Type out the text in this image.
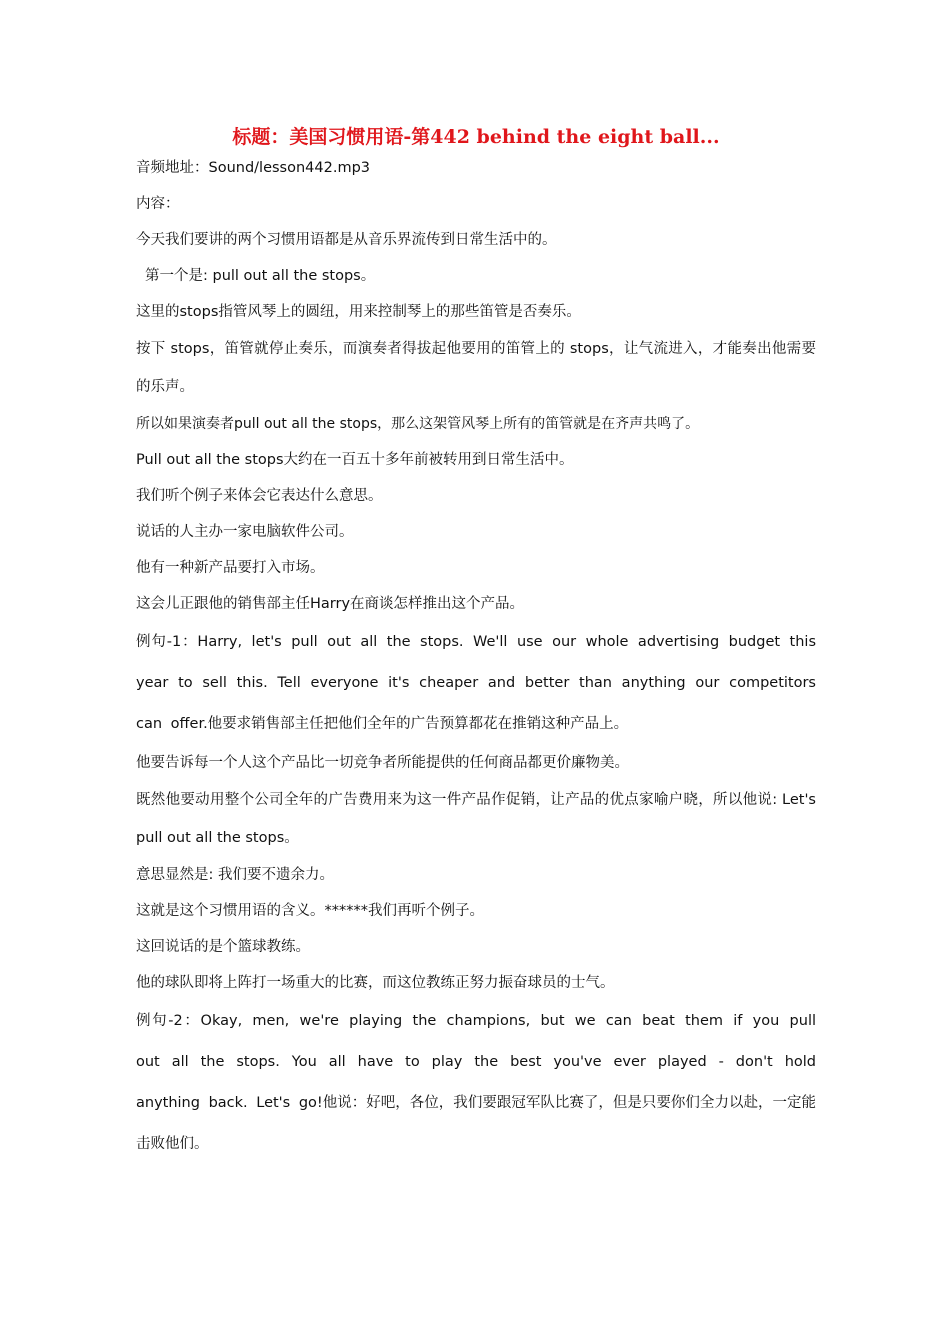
标题：美国习惯用语-第442 behind the eight ball...

音频地址：Sound/lesson442.mp3

内容：

今天我们要讲的两个习惯用语都是从音乐界流传到日常生活中的。

第一个是: pull out all the stops。

这里的stops指管风琴上的圆纽，用来控制琴上的那些笛管是否奏乐。

按下 stops，笛管就停止奏乐，而演奏者得拔起他要用的笛管上的 stops，让气流进入，才能奏出他需要的乐声。

所以如果演奏者pull out all the stops，那么这架管风琴上所有的笛管就是在齐声共鸣了。

Pull out all the stops大约在一百五十多年前被转用到日常生活中。

我们听个例子来体会它表达什么意思。

说话的人主办一家电脑软件公司。

他有一种新产品要打入市场。

这会儿正跟他的销售部主任Harry在商谈怎样推出这个产品。

例句-1：Harry, let's pull out all the stops. We'll use our whole advertising budget this year to sell this. Tell everyone it's cheaper and better than anything our competitors can offer.他要求销售部主任把他们全年的广告预算都花在推销这种产品上。

他要告诉每一个人这个产品比一切竞争者所能提供的任何商品都更价廉物美。

既然他要动用整个公司全年的广告费用来为这一件产品作促销，让产品的优点家喻户晓，所以他说: Let's pull out all the stops。

意思显然是: 我们要不遗余力。

这就是这个习惯用语的含义。******我们再听个例子。

这回说话的是个篮球教练。

他的球队即将上阵打一场重大的比赛，而这位教练正努力振奋球员的士气。

例句-2：Okay, men, we're playing the champions, but we can beat them if you pull out all the stops. You all have to play the best you've ever played - don't hold anything back. Let's go!他说：好吧，各位，我们要跟冠军队比赛了，但是只要你们全力以赴，一定能击败他们。
